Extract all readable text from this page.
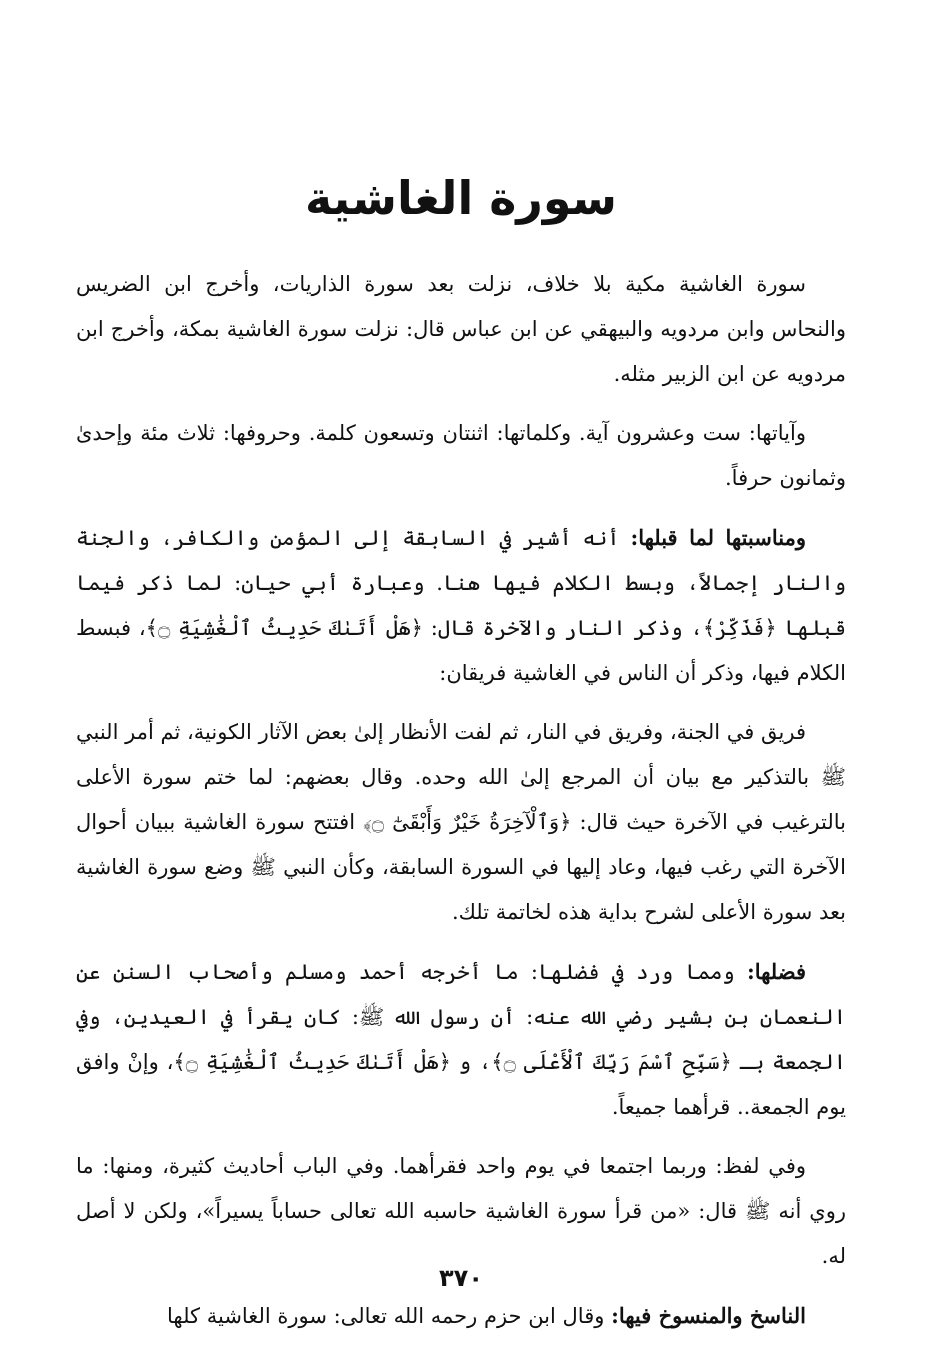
سورة الغاشية

سورة الغاشية مكية بلا خلاف، نزلت بعد سورة الذاريات، وأخرج ابن الضريس والنحاس وابن مردويه والبيهقي عن ابن عباس قال: نزلت سورة الغاشية بمكة، وأخرج ابن مردويه عن ابن الزبير مثله.

وآياتها: ست وعشرون آية. وكلماتها: اثنتان وتسعون كلمة. وحروفها: ثلاث مئة وإحدىٰ وثمانون حرفاً.

ومناسبتها لما قبلها: أنه أشير في السابقة إلى المؤمن والكافر، والجنة والنار إجمالاً، وبسط الكلام فيها هنا. وعبارة أبي حيان: لما ذكر فيما قبلها ﴿فَذَكِّرْ﴾، وذكر النار والآخرة قال: ﴿هَلْ أَتَىٰكَ حَدِيثُ ٱلْغَٰشِيَةِ ۝﴾، فبسط الكلام فيها، وذكر أن الناس في الغاشية فريقان:

فريق في الجنة، وفريق في النار، ثم لفت الأنظار إلىٰ بعض الآثار الكونية، ثم أمر النبي ﷺ بالتذكير مع بيان أن المرجع إلىٰ الله وحده. وقال بعضهم: لما ختم سورة الأعلى بالترغيب في الآخرة حيث قال: ﴿وَٱلْآخِرَةُ خَيْرٌ وَأَبْقَىٰٓ ۝﴾ افتتح سورة الغاشية ببيان أحوال الآخرة التي رغب فيها، وعاد إليها في السورة السابقة، وكأن النبي ﷺ وضع سورة الغاشية بعد سورة الأعلى لشرح بداية هذه لخاتمة تلك.

فضلها: ومما ورد في فضلها: ما أخرجه أحمد ومسلم وأصحاب السنن عن النعمان بن بشير رضي الله عنه: أن رسول الله ﷺ: كان يقرأ في العيدين، وفي الجمعة بـ ﴿سَبِّحِ ٱسْمَ رَبِّكَ ٱلْأَعْلَى ۝﴾، و ﴿هَلْ أَتَىٰكَ حَدِيثُ ٱلْغَٰشِيَةِ ۝﴾، وإنْ وافق يوم الجمعة.. قرأهما جميعاً.

وفي لفظ: وربما اجتمعا في يوم واحد فقرأهما. وفي الباب أحاديث كثيرة، ومنها: ما روي أنه ﷺ قال: «من قرأ سورة الغاشية حاسبه الله تعالى حساباً يسيراً»، ولكن لا أصل له.

الناسخ والمنسوخ فيها: وقال ابن حزم رحمه الله تعالى: سورة الغاشية كلها

٣٧٠
